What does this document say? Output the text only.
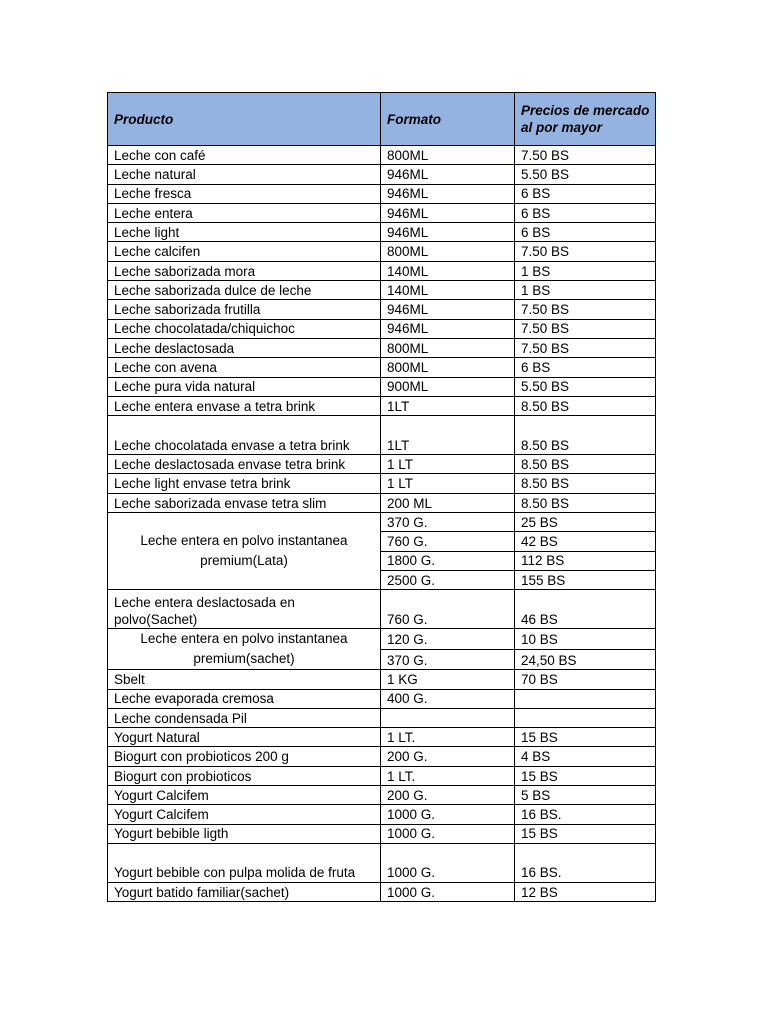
Producto	Formato	Precios de mercado al por mayor
Leche con café	800ML	7.50 BS
Leche natural	946ML	5.50 BS
Leche fresca	946ML	6 BS
Leche entera	946ML	6 BS
Leche light	946ML	6 BS
Leche calcifen	800ML	7.50 BS
Leche saborizada mora	140ML	1 BS
Leche saborizada dulce de leche	140ML	1 BS
Leche saborizada frutilla	946ML	7.50 BS
Leche chocolatada/chiquichoc	946ML	7.50 BS
Leche deslactosada	800ML	7.50 BS
Leche con avena	800ML	6 BS
Leche pura vida natural	900ML	5.50 BS
Leche entera envase a tetra brink	1LT	8.50 BS
Leche chocolatada envase a tetra brink	1LT	8.50 BS
Leche deslactosada envase tetra brink	1 LT	8.50 BS
Leche light envase tetra brink	1 LT	8.50 BS
Leche saborizada envase tetra slim	200 ML	8.50 BS
Leche entera en polvo instantanea premium(Lata)	370 G.	25 BS
	760 G.	42 BS
	1800 G.	112 BS
	2500 G.	155 BS
Leche entera deslactosada en polvo(Sachet)	760 G.	46 BS
Leche entera en polvo instantanea premium(sachet)	120 G.	10 BS
	370 G.	24,50 BS
Sbelt	1 KG	70 BS
Leche evaporada cremosa	400 G.	
Leche condensada Pil		
Yogurt Natural	1 LT.	15 BS
Biogurt con probioticos 200 g	200 G.	4 BS
Biogurt con probioticos	1 LT.	15 BS
Yogurt Calcifem	200 G.	5 BS
Yogurt Calcifem	1000 G.	16 BS.
Yogurt bebible ligth	1000 G.	15 BS
Yogurt bebible con pulpa molida de fruta	1000 G.	16 BS.
Yogurt batido familiar(sachet)	1000 G.	12 BS
